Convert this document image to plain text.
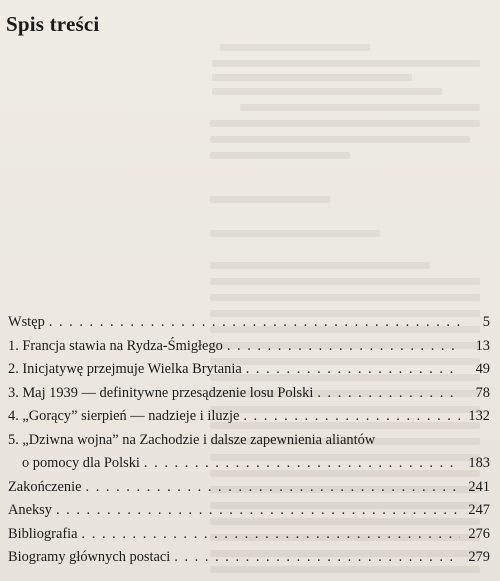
Spis treści
Wstęp . . .	5
1. Francja stawia na Rydza-Śmigłego . . .	13
2. Inicjatywę przejmuje Wielka Brytania . . .	49
3. Maj 1939 — definitywne przesądzenie losu Polski . . .	78
4. „Gorący” sierpień — nadzieje i iluzje . . .	132
5. „Dziwna wojna” na Zachodzie i dalsze zapewnienia aliantów
o pomocy dla Polski . . .	183
Zakończenie . . .	241
Aneksy . . .	247
Bibliografia . . .	276
Biogramy głównych postaci . . .	279
